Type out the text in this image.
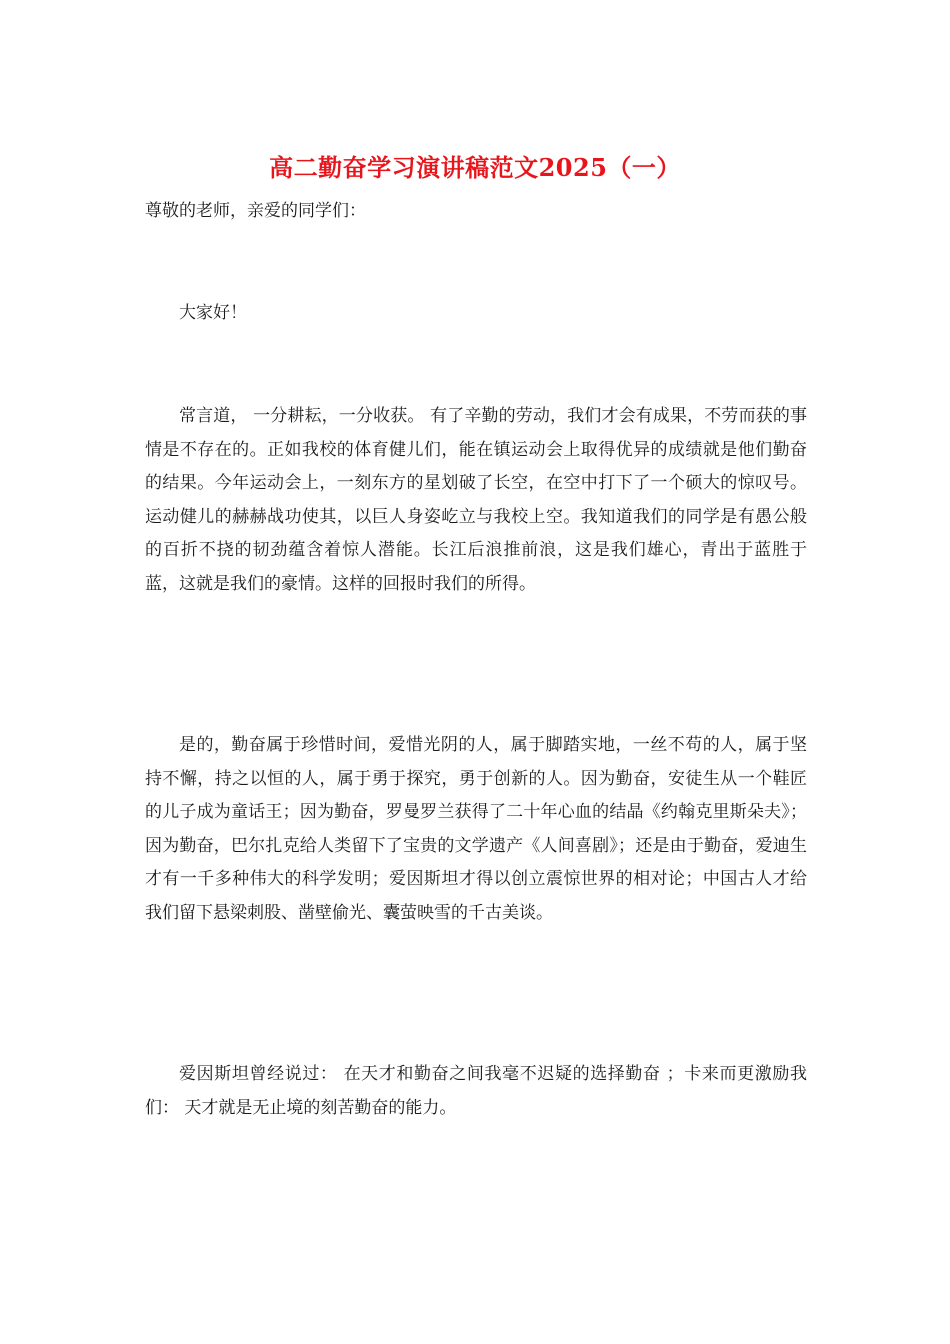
高二勤奋学习演讲稿范文2025（一）
尊敬的老师，亲爱的同学们：

大家好！

常言道， 一分耕耘，一分收获。 有了辛勤的劳动，我们才会有成果，不劳而获的事情是不存在的。正如我校的体育健儿们，能在镇运动会上取得优异的成绩就是他们勤奋的结果。今年运动会上，一刻东方的星划破了长空，在空中打下了一个硕大的惊叹号。运动健儿的赫赫战功使其，以巨人身姿屹立与我校上空。我知道我们的同学是有愚公般的百折不挠的韧劲蕴含着惊人潜能。长江后浪推前浪，这是我们雄心，青出于蓝胜于蓝，这就是我们的豪情。这样的回报时我们的所得。

是的，勤奋属于珍惜时间，爱惜光阴的人，属于脚踏实地，一丝不苟的人，属于坚持不懈，持之以恒的人，属于勇于探究，勇于创新的人。因为勤奋，安徒生从一个鞋匠的儿子成为童话王；因为勤奋，罗曼罗兰获得了二十年心血的结晶《约翰克里斯朵夫》；因为勤奋，巴尔扎克给人类留下了宝贵的文学遗产《人间喜剧》；还是由于勤奋，爱迪生才有一千多种伟大的科学发明；爱因斯坦才得以创立震惊世界的相对论；中国古人才给我们留下悬梁刺股、凿壁偷光、囊萤映雪的千古美谈。

爱因斯坦曾经说过： 在天才和勤奋之间我毫不迟疑的选择勤奋 ；卡来而更激励我们： 天才就是无止境的刻苦勤奋的能力。
